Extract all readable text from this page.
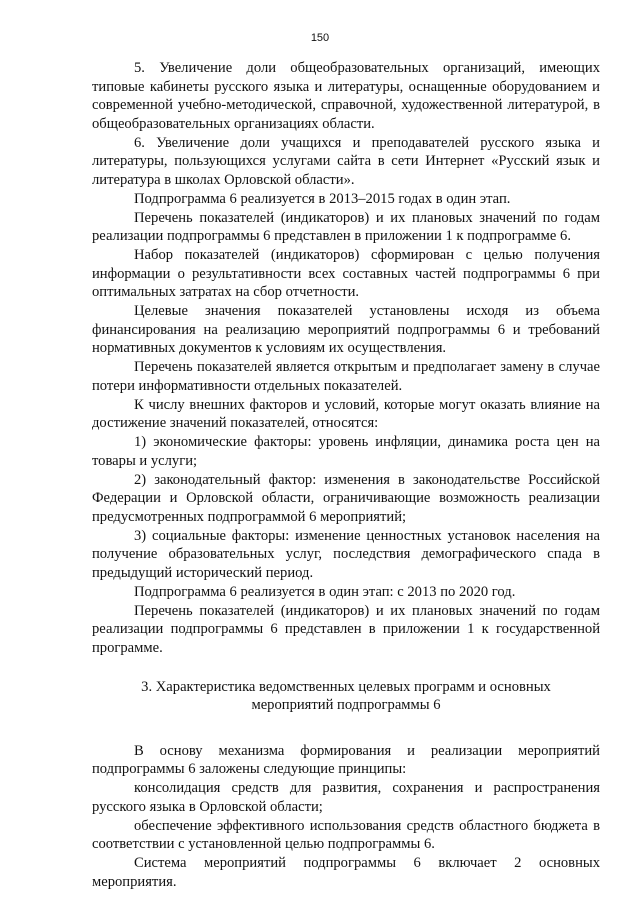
150

5. Увеличение доли общеобразовательных организаций, имеющих типовые кабинеты русского языка и литературы, оснащенные оборудованием и современной учебно-методической, справочной, художественной литературой, в общеобразовательных организациях области.

6. Увеличение доли учащихся и преподавателей русского языка и литературы, пользующихся услугами сайта в сети Интернет «Русский язык и литература в школах Орловской области».

Подпрограмма 6 реализуется в 2013–2015 годах в один этап.

Перечень показателей (индикаторов) и их плановых значений по годам реализации подпрограммы 6 представлен в приложении 1 к подпрограмме 6.

Набор показателей (индикаторов) сформирован с целью получения информации о результативности всех составных частей подпрограммы 6 при оптимальных затратах на сбор отчетности.

Целевые значения показателей установлены исходя из объема финансирования на реализацию мероприятий подпрограммы 6 и требований нормативных документов к условиям их осуществления.

Перечень показателей является открытым и предполагает замену в случае потери информативности отдельных показателей.

К числу внешних факторов и условий, которые могут оказать влияние на достижение значений показателей, относятся:

1) экономические факторы: уровень инфляции, динамика роста цен на товары и услуги;

2) законодательный фактор: изменения в законодательстве Российской Федерации и Орловской области, ограничивающие возможность реализации предусмотренных подпрограммой 6 мероприятий;

3) социальные факторы: изменение ценностных установок населения на получение образовательных услуг, последствия демографического спада в предыдущий исторический период.

Подпрограмма 6 реализуется в один этап: с 2013 по 2020 год.

Перечень показателей (индикаторов) и их плановых значений по годам реализации подпрограммы 6 представлен в приложении 1 к государственной программе.

3. Характеристика ведомственных целевых программ и основных
мероприятий подпрограммы 6

В основу механизма формирования и реализации мероприятий подпрограммы 6 заложены следующие принципы:

консолидация средств для развития, сохранения и распространения русского языка в Орловской области;

обеспечение эффективного использования средств областного бюджета в соответствии с установленной целью подпрограммы 6.

Система мероприятий подпрограммы 6 включает 2 основных мероприятия.
